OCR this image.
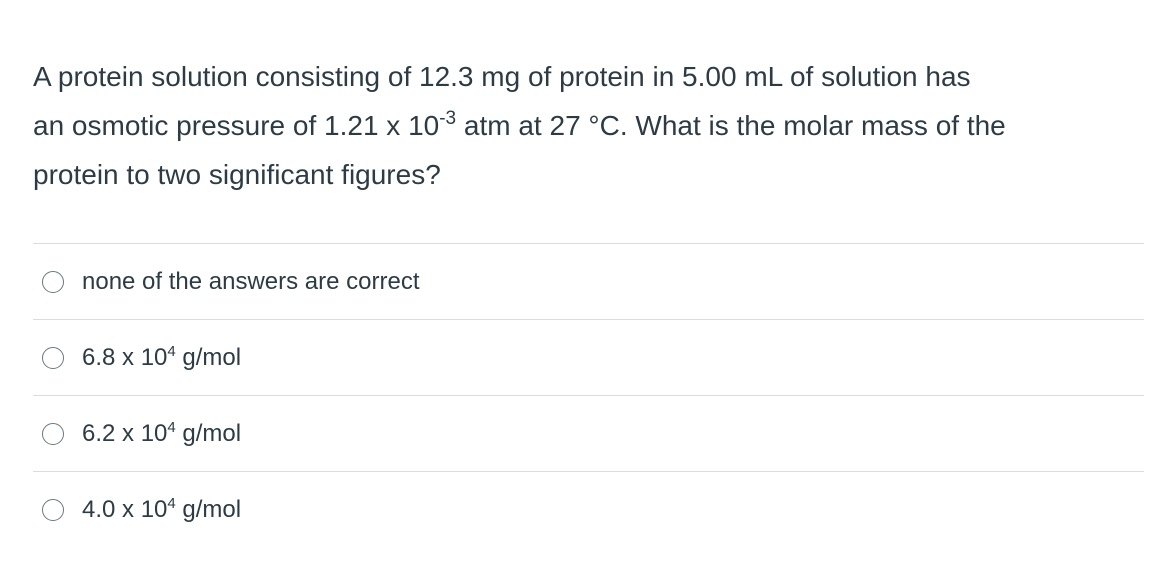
A protein solution consisting of 12.3 mg of protein in 5.00 mL of solution has
an osmotic pressure of 1.21 x $10^{-3}$ atm at 27 °C. What is the molar mass of the
protein to two significant figures?
none of the answers are correct
6.8 x $10^4$ g/mol
6.2 x $10^4$ g/mol
4.0 x $10^4$ g/mol
